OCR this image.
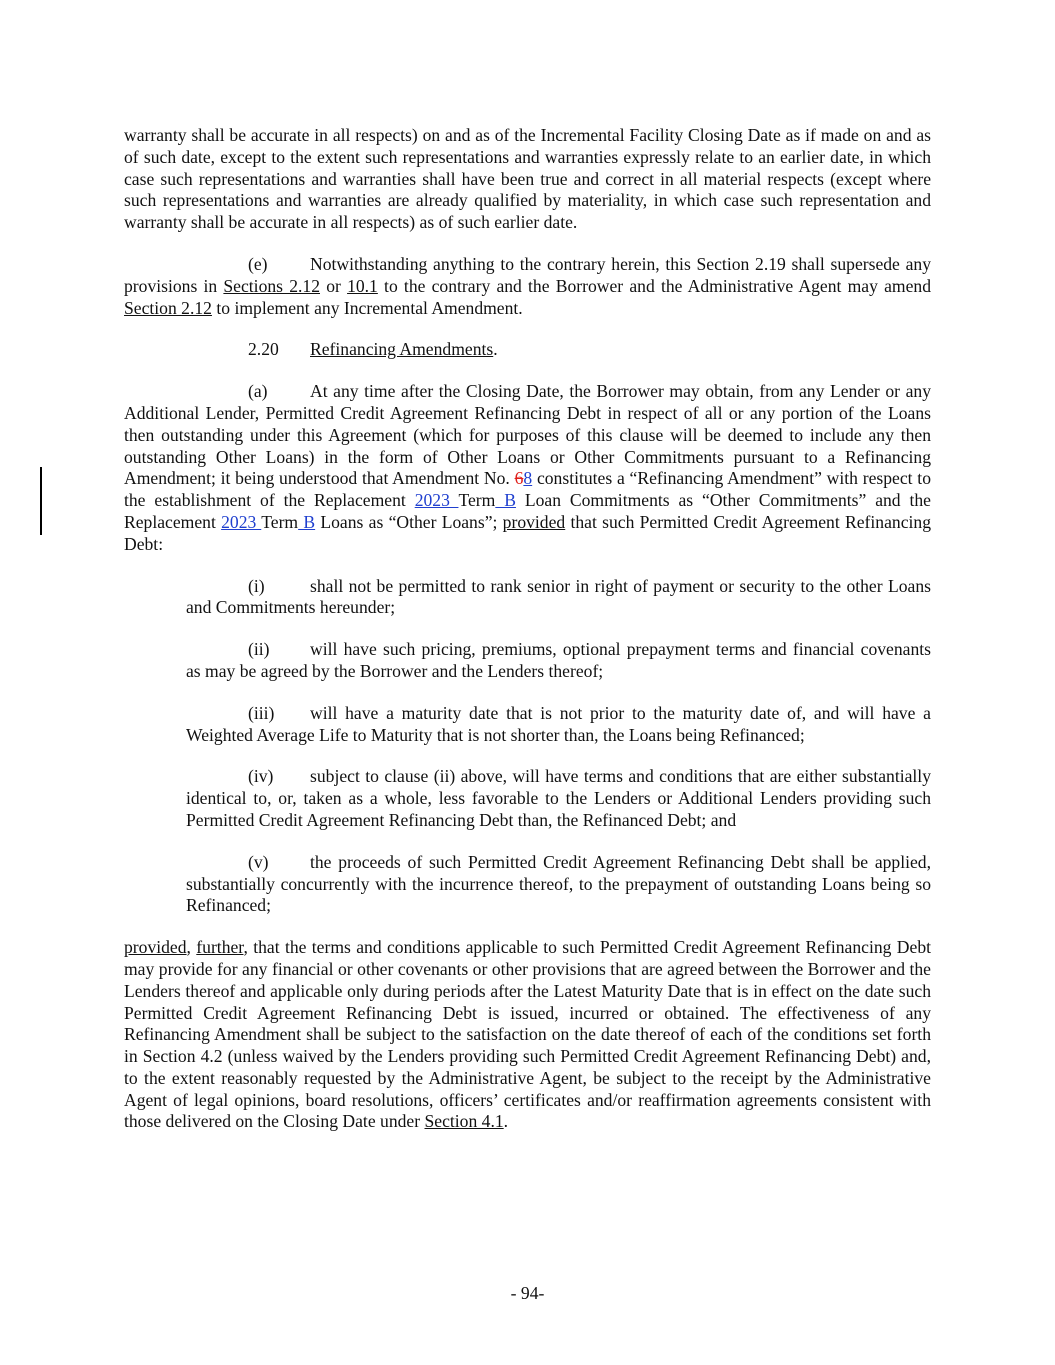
warranty shall be accurate in all respects) on and as of the Incremental Facility Closing Date as if made on and as of such date, except to the extent such representations and warranties expressly relate to an earlier date, in which case such representations and warranties shall have been true and correct in all material respects (except where such representations and warranties are already qualified by materiality, in which case such representation and warranty shall be accurate in all respects) as of such earlier date.

(e) Notwithstanding anything to the contrary herein, this Section 2.19 shall supersede any provisions in Sections 2.12 or 10.1 to the contrary and the Borrower and the Administrative Agent may amend Section 2.12 to implement any Incremental Amendment.

2.20 Refinancing Amendments.

(a) At any time after the Closing Date, the Borrower may obtain, from any Lender or any Additional Lender, Permitted Credit Agreement Refinancing Debt in respect of all or any portion of the Loans then outstanding under this Agreement (which for purposes of this clause will be deemed to include any then outstanding Other Loans) in the form of Other Loans or Other Commitments pursuant to a Refinancing Amendment; it being understood that Amendment No. 68 constitutes a “Refinancing Amendment” with respect to the establishment of the Replacement 2023 Term B Loan Commitments as “Other Commitments” and the Replacement 2023 Term B Loans as “Other Loans”; provided that such Permitted Credit Agreement Refinancing Debt:

(i)	shall not be permitted to rank senior in right of payment or security to the other Loans and Commitments hereunder;

(ii) will have such pricing, premiums, optional prepayment terms and financial covenants as may be agreed by the Borrower and the Lenders thereof;

(iii) will have a maturity date that is not prior to the maturity date of, and will have a Weighted Average Life to Maturity that is not shorter than, the Loans being Refinanced;

(iv) subject to clause (ii) above, will have terms and conditions that are either substantially identical to, or, taken as a whole, less favorable to the Lenders or Additional Lenders providing such Permitted Credit Agreement Refinancing Debt than, the Refinanced Debt; and

(v) the proceeds of such Permitted Credit Agreement Refinancing Debt shall be applied, substantially concurrently with the incurrence thereof, to the prepayment of outstanding Loans being so Refinanced;

provided, further, that the terms and conditions applicable to such Permitted Credit Agreement Refinancing Debt may provide for any financial or other covenants or other provisions that are agreed between the Borrower and the Lenders thereof and applicable only during periods after the Latest Maturity Date that is in effect on the date such Permitted Credit Agreement Refinancing Debt is issued, incurred or obtained. The effectiveness of any Refinancing Amendment shall be subject to the satisfaction on the date thereof of each of the conditions set forth in Section 4.2 (unless waived by the Lenders providing such Permitted Credit Agreement Refinancing Debt) and, to the extent reasonably requested by the Administrative Agent, be subject to the receipt by the Administrative Agent of legal opinions, board resolutions, officers’ certificates and/or reaffirmation agreements consistent with those delivered on the Closing Date under Section 4.1.

- 94-
